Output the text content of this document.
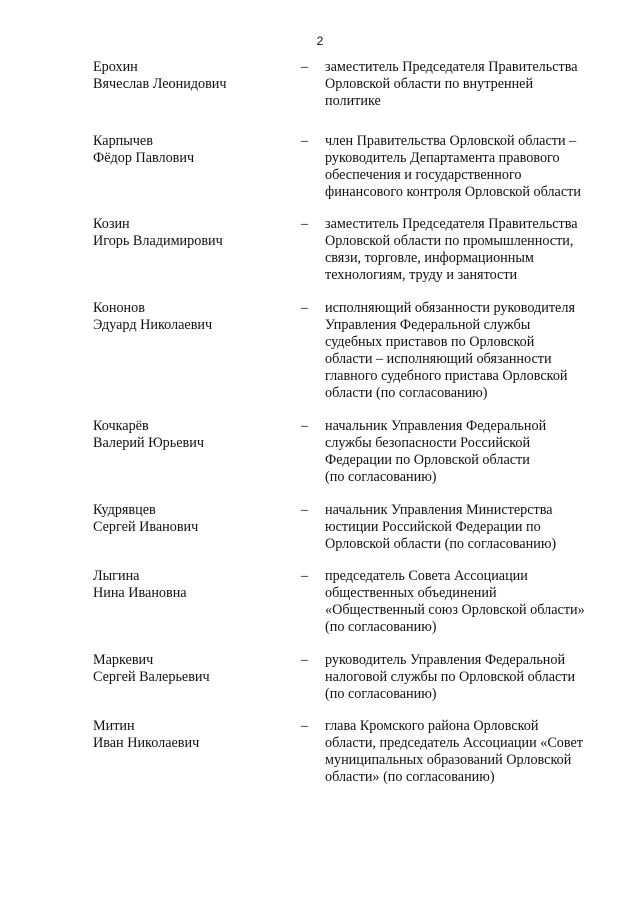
2
Ерохин
Вячеслав Леонидович
– заместитель Председателя Правительства
Орловской области по внутренней
политике
Карпычев
Фёдор Павлович
– член Правительства Орловской области –
руководитель Департамента правового
обеспечения и государственного
финансового контроля Орловской области
Козин
Игорь Владимирович
– заместитель Председателя Правительства
Орловской области по промышленности,
связи, торговле, информационным
технологиям, труду и занятости
Кононов
Эдуард Николаевич
– исполняющий обязанности руководителя
Управления Федеральной службы
судебных приставов по Орловской
области – исполняющий обязанности
главного судебного пристава Орловской
области (по согласованию)
Кочкарёв
Валерий Юрьевич
– начальник Управления Федеральной
службы безопасности Российской
Федерации по Орловской области
(по согласованию)
Кудрявцев
Сергей Иванович
– начальник Управления Министерства
юстиции Российской Федерации по
Орловской области (по согласованию)
Лыгина
Нина Ивановна
– председатель Совета Ассоциации
общественных объединений
«Общественный союз Орловской области»
(по согласованию)
Маркевич
Сергей Валерьевич
– руководитель Управления Федеральной
налоговой службы по Орловской области
(по согласованию)
Митин
Иван Николаевич
– глава Кромского района Орловской
области, председатель Ассоциации «Совет
муниципальных образований Орловской
области» (по согласованию)
